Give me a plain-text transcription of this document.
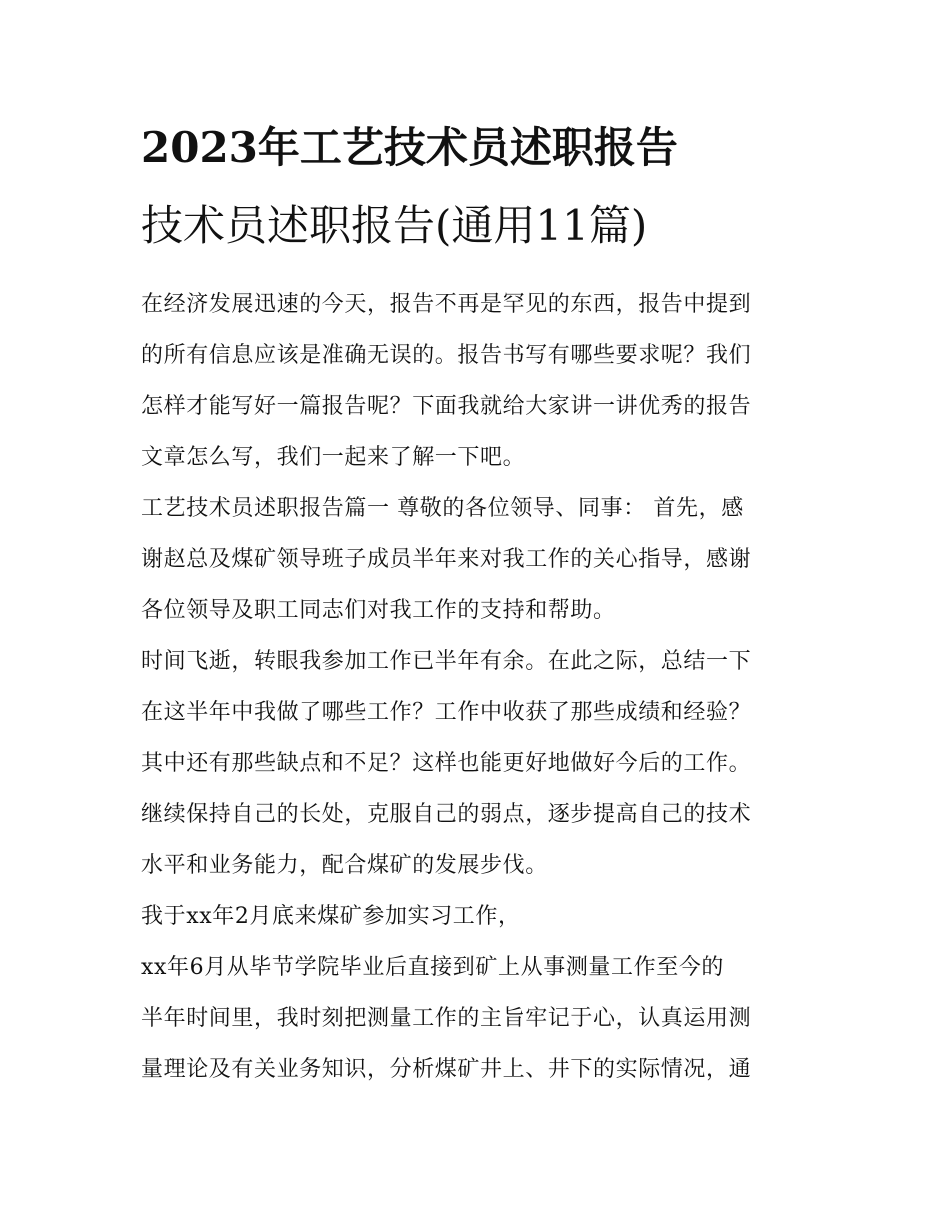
2023年工艺技术员述职报告
技术员述职报告(通用11篇)

在经济发展迅速的今天，报告不再是罕见的东西，报告中提到

的所有信息应该是准确无误的。报告书写有哪些要求呢？我们

怎样才能写好一篇报告呢？下面我就给大家讲一讲优秀的报告

文章怎么写，我们一起来了解一下吧。

工艺技术员述职报告篇一 尊敬的各位领导、同事： 首先，感

谢赵总及煤矿领导班子成员半年来对我工作的关心指导，感谢

各位领导及职工同志们对我工作的支持和帮助。

时间飞逝，转眼我参加工作已半年有余。在此之际，总结一下

在这半年中我做了哪些工作？工作中收获了那些成绩和经验？

其中还有那些缺点和不足？这样也能更好地做好今后的工作。

继续保持自己的长处，克服自己的弱点，逐步提高自己的技术

水平和业务能力，配合煤矿的发展步伐。

我于xx年2月底来煤矿参加实习工作，

xx年6月从毕节学院毕业后直接到矿上从事测量工作至今的

半年时间里，我时刻把测量工作的主旨牢记于心，认真运用测

量理论及有关业务知识，分析煤矿井上、井下的实际情况，通
